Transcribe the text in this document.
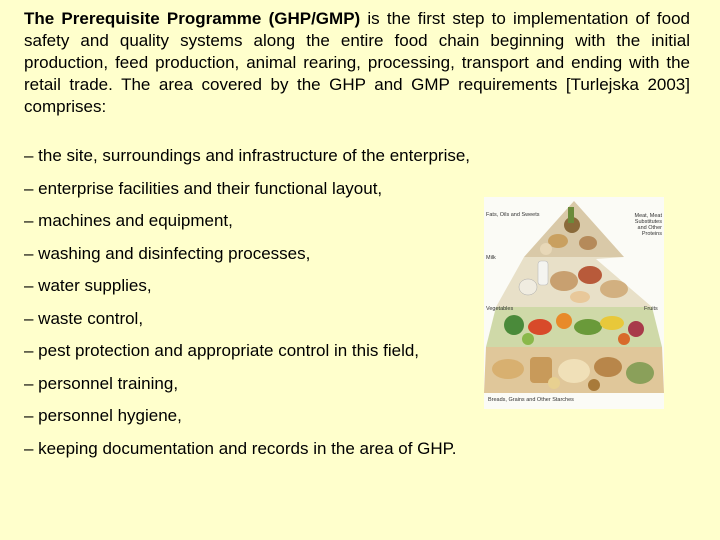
The Prerequisite Programme (GHP/GMP) is the first step to implementation of food safety and quality systems along the entire food chain beginning with the initial production, feed production, animal rearing, processing, transport and ending with the retail trade. The area covered by the GHP and GMP requirements [Turlejska 2003] comprises:

– the site, surroundings and infrastructure of the enterprise,
– enterprise facilities and their functional layout,
– machines and equipment,
– washing and disinfecting processes,
– water supplies,
– waste control,
– pest protection and appropriate control in this field,
– personnel training,
– personnel hygiene,
– keeping documentation and records in the area of GHP.
Fats, Oils and Sweets	Meat, Meat Substitutes and Other Proteins
Milk
Vegetables	Fruits
Breads, Grains and Other Starches
